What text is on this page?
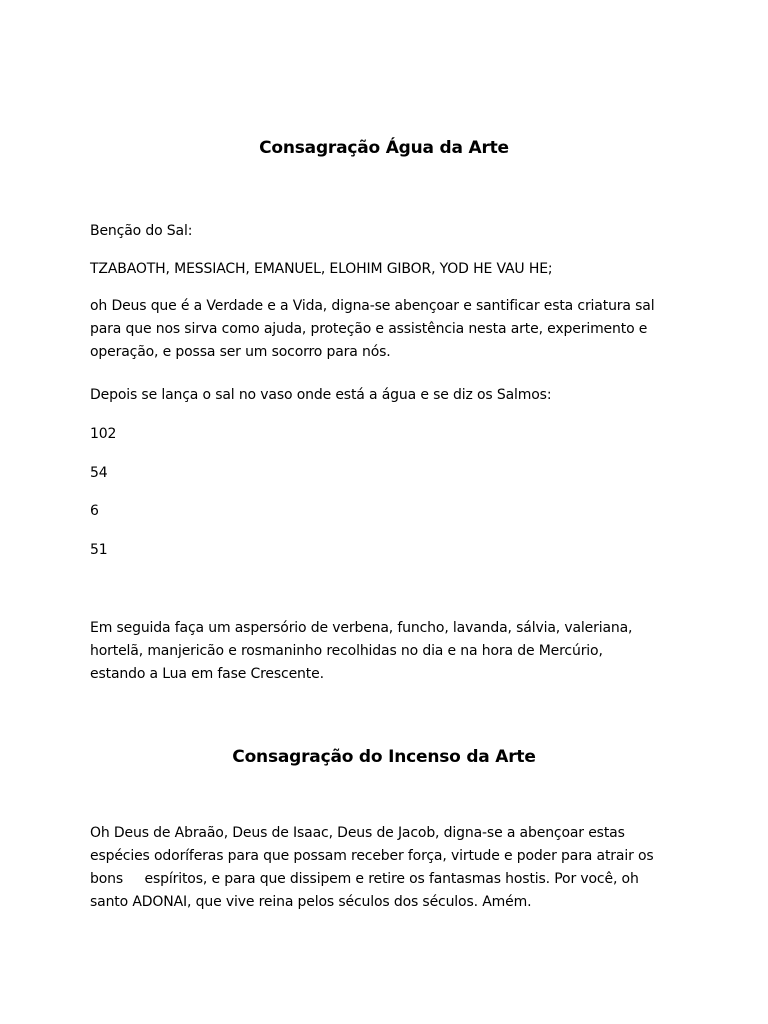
Consagração Água da Arte
Benção do Sal:
TZABAOTH, MESSIACH, EMANUEL, ELOHIM GIBOR, YOD HE VAU HE;
oh Deus que é a Verdade e a Vida, digna-se abençoar e santificar esta criatura sal
para que nos sirva como ajuda, proteção e assistência nesta arte, experimento e
operação, e possa ser um socorro para nós.
Depois se lança o sal no vaso onde está a água e se diz os Salmos:
102
54
6
51
Em seguida faça um aspersório de verbena, funcho, lavanda, sálvia, valeriana,
hortelã, manjericão e rosmaninho recolhidas no dia e na hora de Mercúrio,
estando a Lua em fase Crescente.
Consagração do Incenso da Arte
Oh Deus de Abraão, Deus de Isaac, Deus de Jacob, digna-se a abençoar estas
espécies odoríferas para que possam receber força, virtude e poder para atrair os
bons     espíritos, e para que dissipem e retire os fantasmas hostis. Por você, oh
santo ADONAI, que vive reina pelos séculos dos séculos. Amém.
